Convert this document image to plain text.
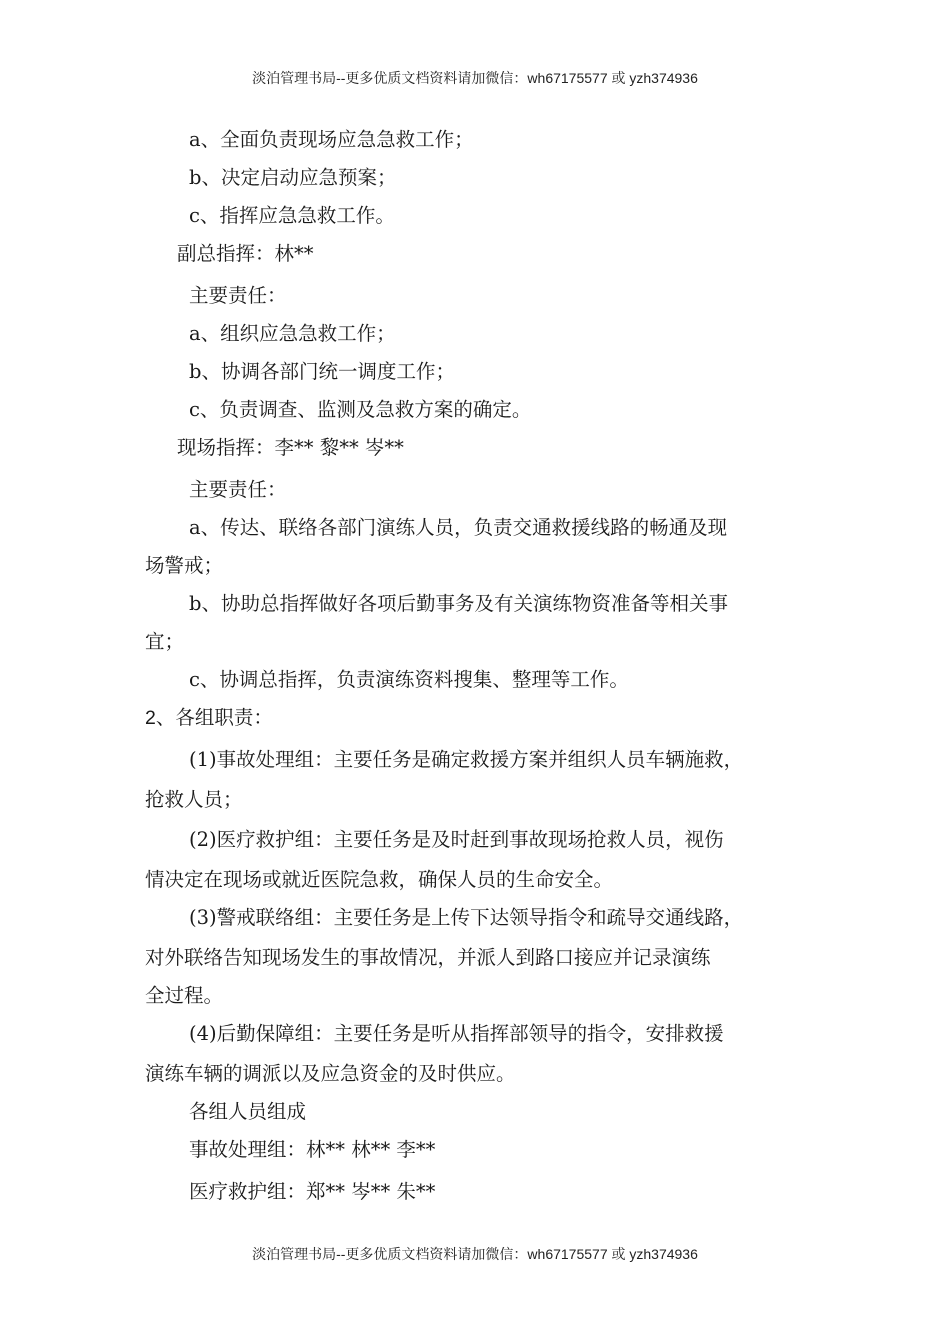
淡泊管理书局--更多优质文档资料请加微信：wh67175577 或 yzh374936
a、全面负责现场应急急救工作；
b、决定启动应急预案；
c、指挥应急急救工作。
副总指挥：林**
主要责任：
a、组织应急急救工作；
b、协调各部门统一调度工作；
c、负责调查、监测及急救方案的确定。
现场指挥：李** 黎** 岑**
主要责任：
a、传达、联络各部门演练人员，负责交通救援线路的畅通及现
场警戒；
b、协助总指挥做好各项后勤事务及有关演练物资准备等相关事
宜；
c、协调总指挥，负责演练资料搜集、整理等工作。
2、各组职责：
(1)事故处理组：主要任务是确定救援方案并组织人员车辆施救，
抢救人员；
(2)医疗救护组：主要任务是及时赶到事故现场抢救人员，视伤
情决定在现场或就近医院急救，确保人员的生命安全。
(3)警戒联络组：主要任务是上传下达领导指令和疏导交通线路，
对外联络告知现场发生的事故情况，并派人到路口接应并记录演练
全过程。
(4)后勤保障组：主要任务是听从指挥部领导的指令，安排救援
演练车辆的调派以及应急资金的及时供应。
各组人员组成
事故处理组：林** 林** 李**
医疗救护组：郑** 岑** 朱**
淡泊管理书局--更多优质文档资料请加微信：wh67175577 或 yzh374936
